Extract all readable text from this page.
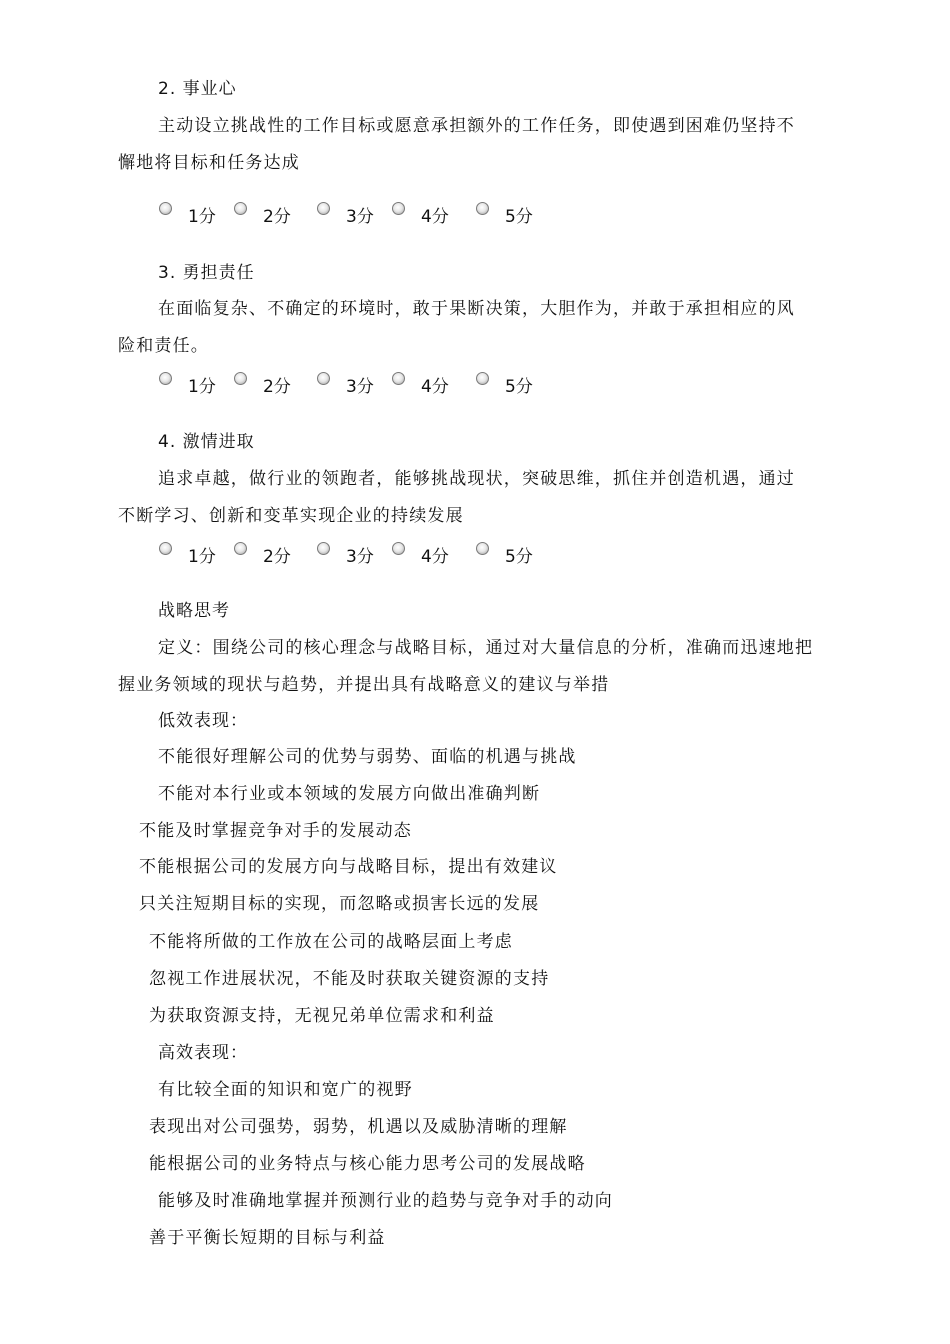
2. 事业心
主动设立挑战性的工作目标或愿意承担额外的工作任务，即使遇到困难仍坚持不
懈地将目标和任务达成
1分	2分	3分	4分	5分
3. 勇担责任
在面临复杂、不确定的环境时，敢于果断决策，大胆作为，并敢于承担相应的风
险和责任。
1分	2分	3分	4分	5分
4. 激情进取
追求卓越，做行业的领跑者，能够挑战现状，突破思维，抓住并创造机遇，通过
不断学习、创新和变革实现企业的持续发展
1分	2分	3分	4分	5分
战略思考
定义：围绕公司的核心理念与战略目标，通过对大量信息的分析，准确而迅速地把
握业务领域的现状与趋势，并提出具有战略意义的建议与举措
低效表现：
不能很好理解公司的优势与弱势、面临的机遇与挑战
不能对本行业或本领域的发展方向做出准确判断
不能及时掌握竞争对手的发展动态
不能根据公司的发展方向与战略目标，提出有效建议
只关注短期目标的实现，而忽略或损害长远的发展
不能将所做的工作放在公司的战略层面上考虑
忽视工作进展状况，不能及时获取关键资源的支持
为获取资源支持，无视兄弟单位需求和利益
高效表现：
有比较全面的知识和宽广的视野
表现出对公司强势，弱势，机遇以及威胁清晰的理解
能根据公司的业务特点与核心能力思考公司的发展战略
能够及时准确地掌握并预测行业的趋势与竞争对手的动向
善于平衡长短期的目标与利益
